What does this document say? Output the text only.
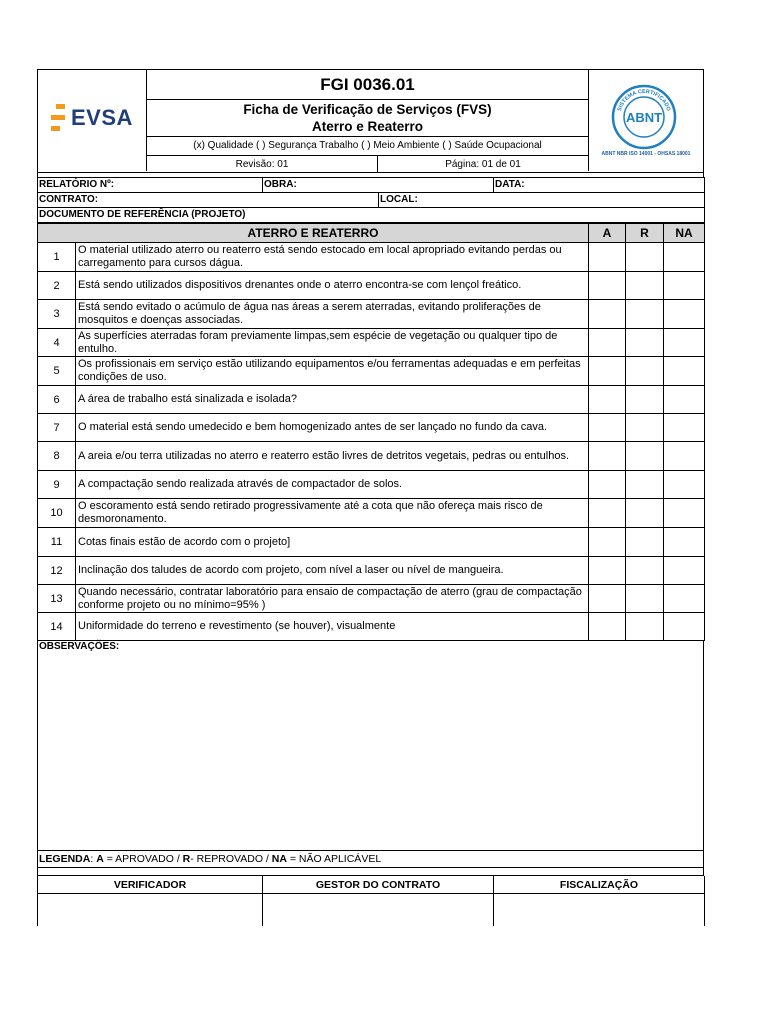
EVSA
FGI 0036.01
Ficha de Verificação de Serviços (FVS)
Aterro e Reaterro
(x) Qualidade ( ) Segurança Trabalho ( ) Meio Ambiente ( ) Saúde Ocupacional
Revisão: 01	Página: 01 de 01
SISTEMA CERTIFICADO
ABNT
ABNT NBR ISO 14001 - OHSAS 18001
RELATÓRIO Nº:	OBRA:		DATA:
CONTRATO:		LOCAL:	
DOCUMENTO DE REFERÊNCIA (PROJETO)			
ATERRO E REATERRO		A	R	NA
1	O material utilizado aterro ou reaterro está sendo estocado em local apropriado evitando perdas ou carregamento para cursos dágua.			
2	Está sendo utilizados dispositivos drenantes onde o aterro encontra-se com lençol freático.			
3	Está sendo evitado o acúmulo de água nas áreas a serem aterradas, evitando proliferações de mosquitos e doenças associadas.			
4	As superfícies aterradas foram previamente limpas,sem espécie de vegetação ou qualquer tipo de entulho.			
5	Os profissionais em serviço estão utilizando equipamentos e/ou ferramentas adequadas e em perfeitas condições de uso.			
6	A área de trabalho está sinalizada e isolada?			
7	O material está sendo umedecido e bem homogenizado antes de ser lançado no fundo da cava.			
8	A areia e/ou terra utilizadas no aterro e reaterro estão livres de detritos vegetais, pedras ou entulhos.			
9	A compactação sendo realizada através de compactador de solos.			
10	O escoramento está sendo retirado progressivamente até a cota que não ofereça mais risco de desmoronamento.			
11	Cotas finais estão de acordo com o projeto]			
12	Inclinação dos taludes de acordo com projeto, com nível a laser ou nível de mangueira.			
13	Quando necessário, contratar laboratório para ensaio de compactação de aterro (grau de compactação conforme projeto ou no mínimo=95% )			
14	Uniformidade do terreno e revestimento (se houver), visualmente			
OBSERVAÇÕES:
LEGENDA: A = APROVADO / R- REPROVADO / NA = NÃO APLICÁVEL
VERIFICADOR	GESTOR DO CONTRATO	FISCALIZAÇÃO
